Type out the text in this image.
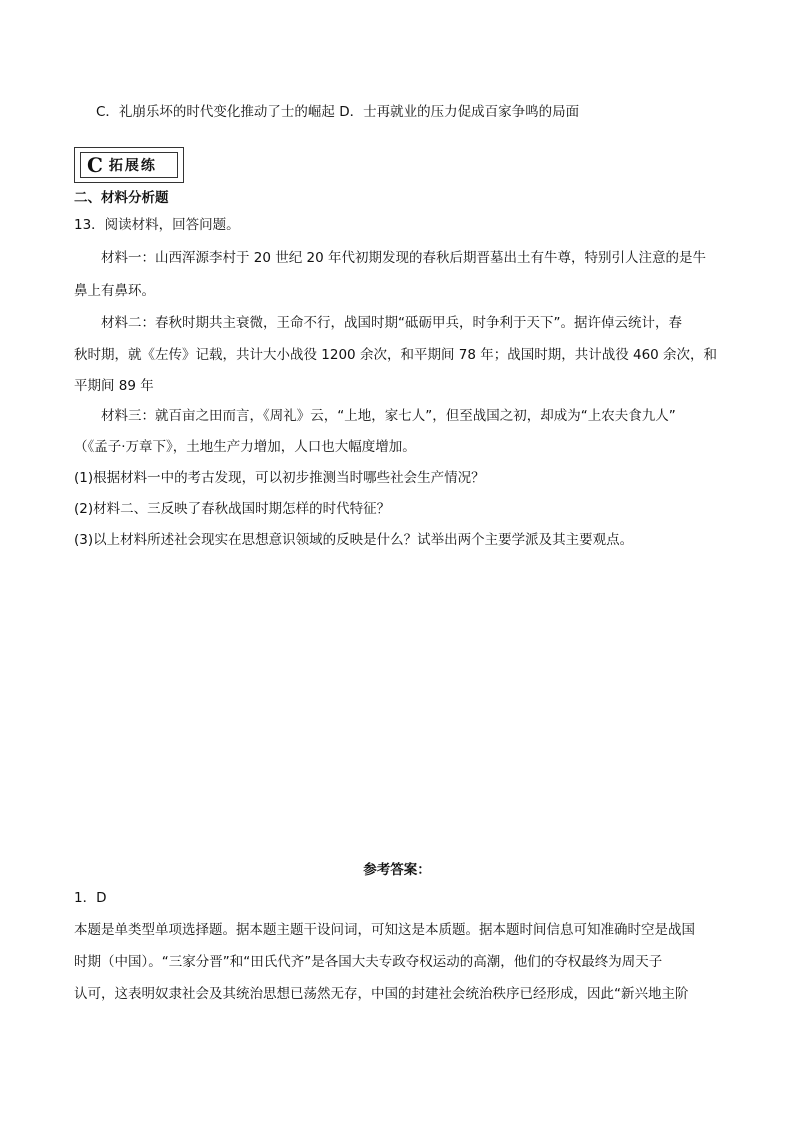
C．礼崩乐坏的时代变化推动了士的崛起 D．士再就业的压力促成百家争鸣的局面
C 拓展练
二、材料分析题
13．阅读材料，回答问题。
材料一：山西浑源李村于 20 世纪 20 年代初期发现的春秋后期晋墓出土有牛尊，特别引人注意的是牛
鼻上有鼻环。
材料二：春秋时期共主衰微，王命不行，战国时期“砥砺甲兵，时争利于天下”。据许倬云统计，春
秋时期，就《左传》记载，共计大小战役 1200 余次，和平期间 78 年；战国时期，共计战役 460 余次，和
平期间 89 年
材料三：就百亩之田而言，《周礼》云，“上地，家七人”，但至战国之初，却成为“上农夫食九人”
（《孟子·万章下》，土地生产力增加，人口也大幅度增加。
(1)根据材料一中的考古发现，可以初步推测当时哪些社会生产情况？
(2)材料二、三反映了春秋战国时期怎样的时代特征？
(3)以上材料所述社会现实在思想意识领域的反映是什么？试举出两个主要学派及其主要观点。
参考答案：
1．D
本题是单类型单项选择题。据本题主题干设问词，可知这是本质题。据本题时间信息可知准确时空是战国
时期（中国）。“三家分晋”和“田氏代齐”是各国大夫专政夺权运动的高潮，他们的夺权最终为周天子
认可，这表明奴隶社会及其统治思想已荡然无存，中国的封建社会统治秩序已经形成，因此“新兴地主阶
